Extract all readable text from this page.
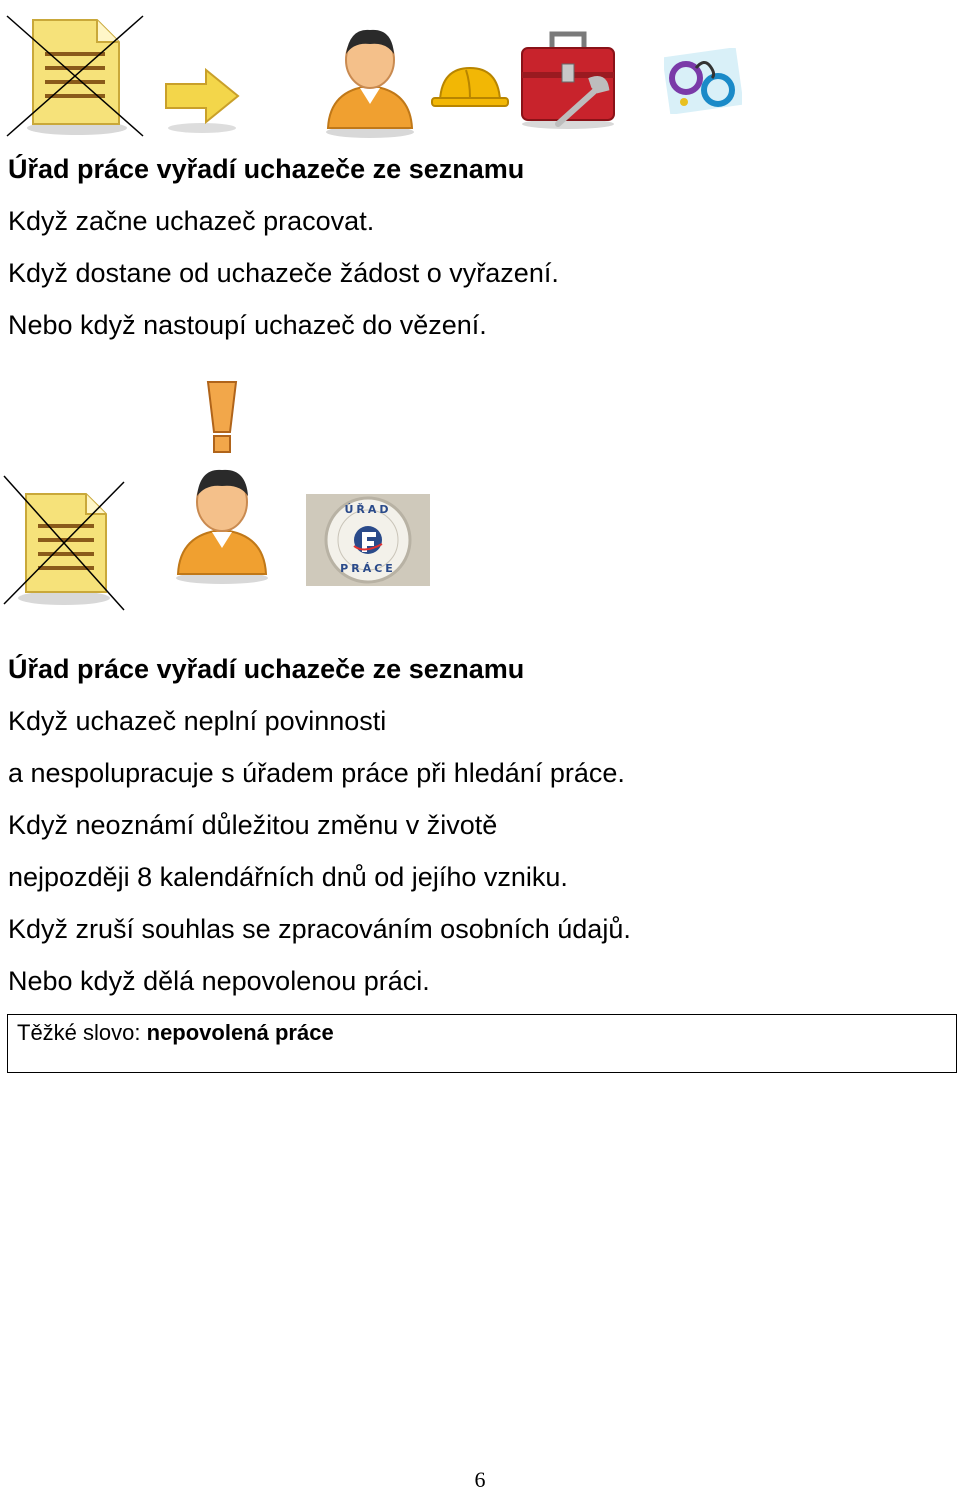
Úřad práce vyřadí uchazeče ze seznamu
Když začne uchazeč pracovat.
Když dostane od uchazeče žádost o vyřazení.
Nebo když nastoupí uchazeč do vězení.
ÚŘAD
PRÁCE
Úřad práce vyřadí uchazeče ze seznamu
Když uchazeč neplní povinnosti
a nespolupracuje s úřadem práce při hledání práce.
Když neoznámí důležitou změnu v životě
nejpozději 8 kalendářních dnů od jejího vzniku.
Když zruší souhlas se zpracováním osobních údajů.
Nebo když dělá nepovolenou práci.
Těžké slovo: nepovolená práce
6
